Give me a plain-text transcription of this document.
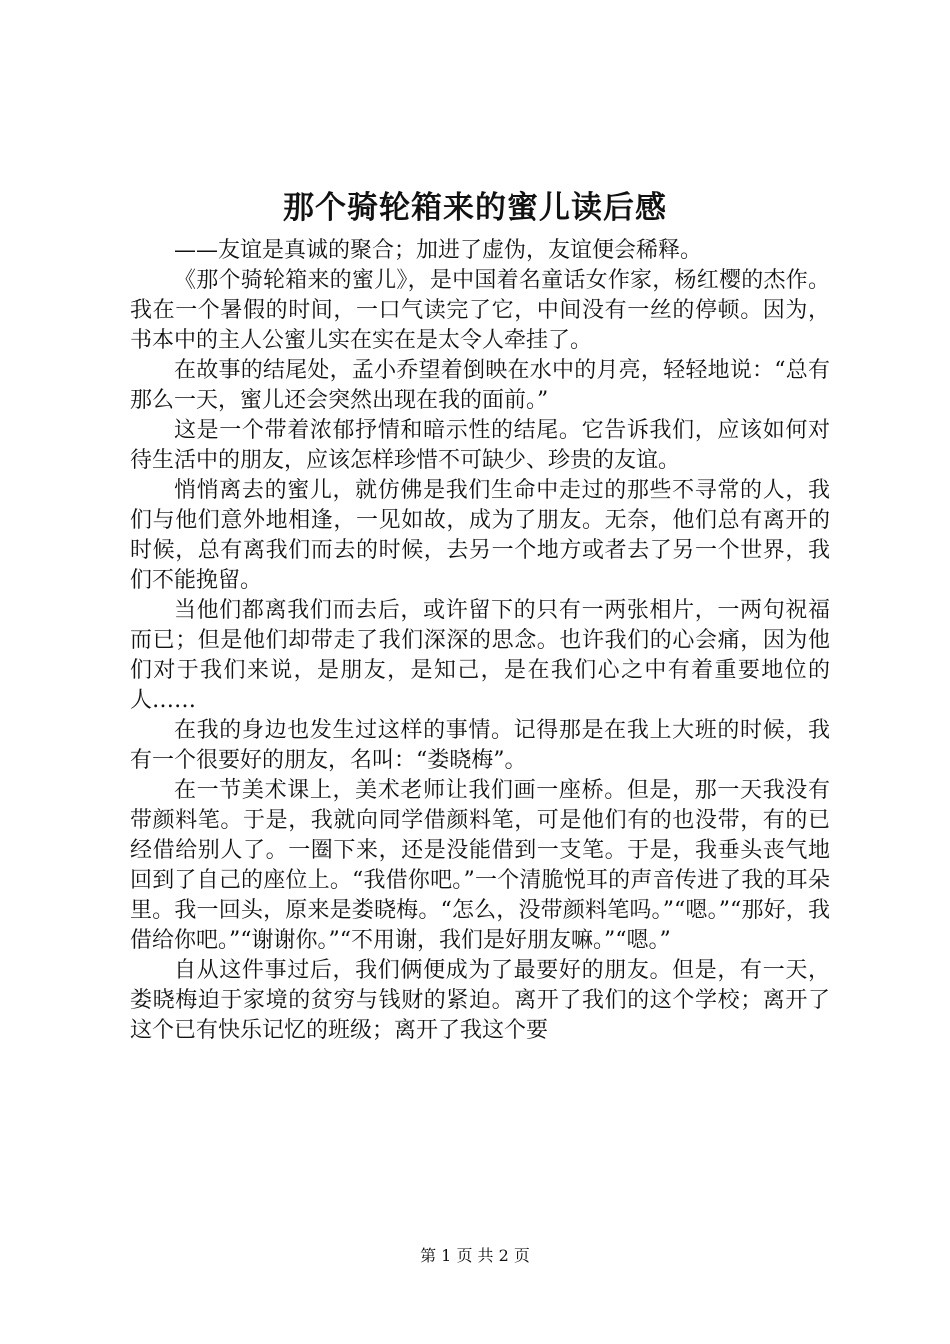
那个骑轮箱来的蜜儿读后感

——友谊是真诚的聚合；加进了虚伪，友谊便会稀释。

《那个骑轮箱来的蜜儿》，是中国着名童话女作家，杨红樱的杰作。我在一个暑假的时间，一口气读完了它，中间没有一丝的停顿。因为，书本中的主人公蜜儿实在实在是太令人牵挂了。

在故事的结尾处，孟小乔望着倒映在水中的月亮，轻轻地说：“总有那么一天，蜜儿还会突然出现在我的面前。”

这是一个带着浓郁抒情和暗示性的结尾。它告诉我们，应该如何对待生活中的朋友，应该怎样珍惜不可缺少、珍贵的友谊。

悄悄离去的蜜儿，就仿佛是我们生命中走过的那些不寻常的人，我们与他们意外地相逢，一见如故，成为了朋友。无奈，他们总有离开的时候，总有离我们而去的时候，去另一个地方或者去了另一个世界，我们不能挽留。

当他们都离我们而去后，或许留下的只有一两张相片，一两句祝福而已；但是他们却带走了我们深深的思念。也许我们的心会痛，因为他们对于我们来说，是朋友，是知己，是在我们心之中有着重要地位的人……

在我的身边也发生过这样的事情。记得那是在我上大班的时候，我有一个很要好的朋友，名叫：“娄晓梅”。

在一节美术课上，美术老师让我们画一座桥。但是，那一天我没有带颜料笔。于是，我就向同学借颜料笔，可是他们有的也没带，有的已经借给别人了。一圈下来，还是没能借到一支笔。于是，我垂头丧气地回到了自己的座位上。“我借你吧。”一个清脆悦耳的声音传进了我的耳朵里。我一回头，原来是娄晓梅。“怎么，没带颜料笔吗。”“嗯。”“那好，我借给你吧。”“谢谢你。”“不用谢，我们是好朋友嘛。”“嗯。”

自从这件事过后，我们俩便成为了最要好的朋友。但是，有一天，娄晓梅迫于家境的贫穷与钱财的紧迫。离开了我们的这个学校；离开了这个已有快乐记忆的班级；离开了我这个要

第 1 页 共 2 页
